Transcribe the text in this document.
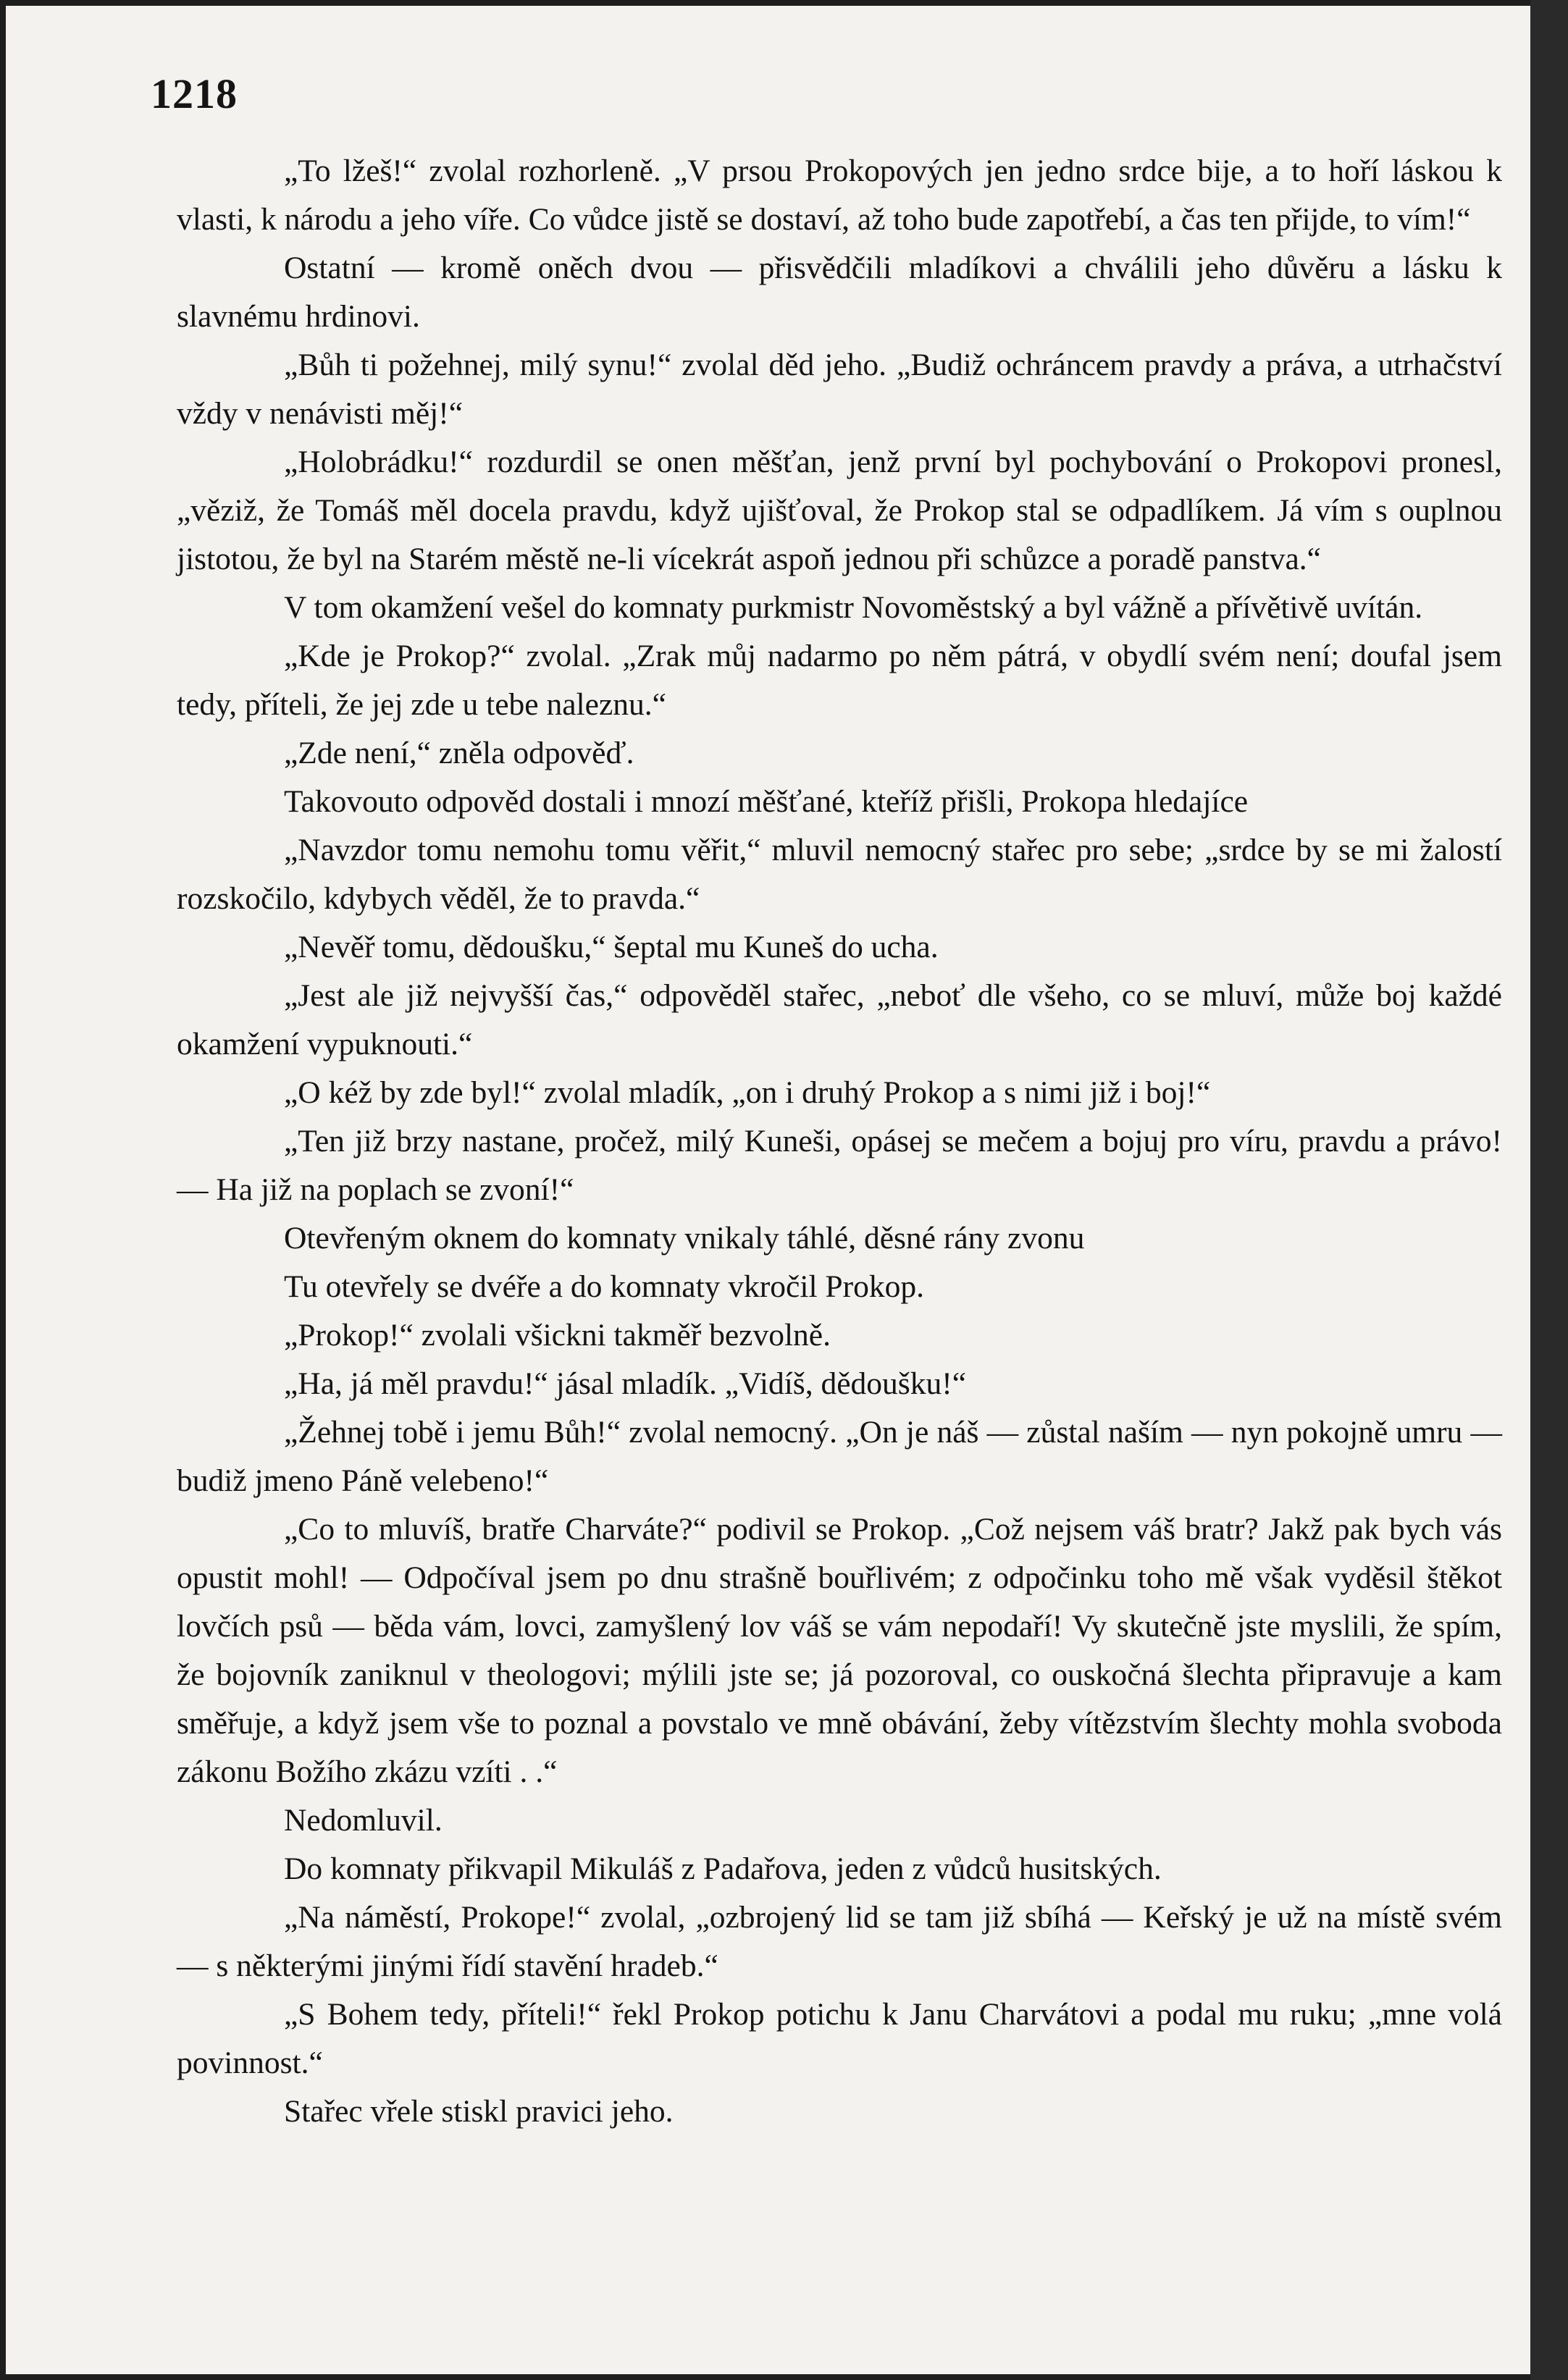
1218

„To lžeš!“ zvolal rozhorleně. „V prsou Prokopových jen jedno srdce bije, a to hoří láskou k vlasti, k národu a jeho víře. Co vůdce jistě se dostaví, až toho bude zapotřebí, a čas ten přijde, to vím!“

Ostatní — kromě oněch dvou — přisvědčili mladíkovi a chválili jeho důvěru a lásku k slavnému hrdinovi.

„Bůh ti požehnej, milý synu!“ zvolal děd jeho. „Budiž ochráncem pravdy a práva, a utrhačství vždy v nenávisti měj!“

„Holobrádku!“ rozdurdil se onen měšťan, jenž první byl pochybování o Prokopovi pronesl, „věziž, že Tomáš měl docela pravdu, když ujišťoval, že Prokop stal se odpadlíkem. Já vím s ouplnou jistotou, že byl na Starém městě ne-li vícekrát aspoň jednou při schůzce a poradě panstva.“

V tom okamžení vešel do komnaty purkmistr Novoměstský a byl vážně a přívětivě uvítán.

„Kde je Prokop?“ zvolal. „Zrak můj nadarmo po něm pátrá, v obydlí svém není; doufal jsem tedy, příteli, že jej zde u tebe naleznu.“

„Zde není,“ zněla odpověď.

Takovouto odpověd dostali i mnozí měšťané, kteříž přišli, Prokopa hledajíce

„Navzdor tomu nemohu tomu věřit,“ mluvil nemocný stařec pro sebe; „srdce by se mi žalostí rozskočilo, kdybych věděl, že to pravda.“

„Nevěř tomu, dědoušku,“ šeptal mu Kuneš do ucha.

„Jest ale již nejvyšší čas,“ odpověděl stařec, „neboť dle všeho, co se mluví, může boj každé okamžení vypuknouti.“

„O kéž by zde byl!“ zvolal mladík, „on i druhý Prokop a s nimi již i boj!“

„Ten již brzy nastane, pročež, milý Kuneši, opásej se mečem a bojuj pro víru, pravdu a právo! — Ha již na poplach se zvoní!“

Otevřeným oknem do komnaty vnikaly táhlé, děsné rány zvonu

Tu otevřely se dvéře a do komnaty vkročil Prokop.

„Prokop!“ zvolali všickni takměř bezvolně.

„Ha, já měl pravdu!“ jásal mladík. „Vidíš, dědoušku!“

„Žehnej tobě i jemu Bůh!“ zvolal nemocný. „On je náš — zůstal naším — nyn pokojně umru — budiž jmeno Páně velebeno!“

„Co to mluvíš, bratře Charváte?“ podivil se Prokop. „Což nejsem váš bratr? Jakž pak bych vás opustit mohl! — Odpočíval jsem po dnu strašně bouřlivém; z odpočinku toho mě však vyděsil štěkot lovčích psů — běda vám, lovci, zamyšlený lov váš se vám nepodaří! Vy skutečně jste myslili, že spím, že bojovník zaniknul v theologovi; mýlili jste se; já pozoroval, co ouskočná šlechta připravuje a kam směřuje, a když jsem vše to poznal a povstalo ve mně obávání, žeby vítězstvím šlechty mohla svoboda zákonu Božího zkázu vzíti . .“

Nedomluvil.

Do komnaty přikvapil Mikuláš z Padařova, jeden z vůdců husitských.

„Na náměstí, Prokope!“ zvolal, „ozbrojený lid se tam již sbíhá — Keřský je už na místě svém — s některými jinými řídí stavění hradeb.“

„S Bohem tedy, příteli!“ řekl Prokop potichu k Janu Charvátovi a podal mu ruku; „mne volá povinnost.“

Stařec vřele stiskl pravici jeho.
